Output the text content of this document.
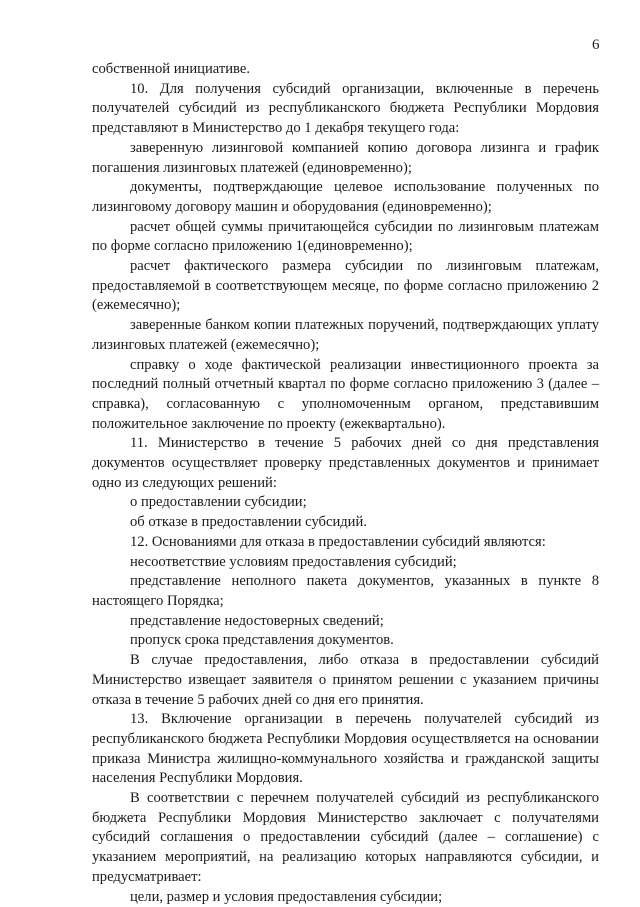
6

собственной инициативе.

10. Для получения субсидий организации, включенные в перечень получателей субсидий из республиканского бюджета Республики Мордовия представляют в Министерство до 1 декабря текущего года:

заверенную лизинговой компанией копию договора лизинга и график погашения лизинговых платежей (единовременно);

документы, подтверждающие целевое использование полученных по лизинговому договору машин и оборудования (единовременно);

расчет общей суммы причитающейся субсидии по лизинговым платежам по форме согласно приложению 1(единовременно);

расчет фактического размера субсидии по лизинговым платежам, предоставляемой в соответствующем месяце, по форме согласно приложению 2 (ежемесячно);

заверенные банком копии платежных поручений, подтверждающих уплату лизинговых платежей (ежемесячно);

справку о ходе фактической реализации инвестиционного проекта за последний полный отчетный квартал по форме согласно приложению 3 (далее – справка), согласованную с уполномоченным органом, представившим положительное заключение по проекту (ежеквартально).

11. Министерство в течение 5 рабочих дней со дня представления документов осуществляет проверку представленных документов и принимает одно из следующих решений:

о предоставлении субсидии;

об отказе в предоставлении субсидий.

12. Основаниями для отказа в предоставлении субсидий являются:

несоответствие условиям предоставления субсидий;

представление неполного пакета документов, указанных в пункте 8 настоящего Порядка;

представление недостоверных сведений;

пропуск срока представления документов.

В случае предоставления, либо отказа в предоставлении субсидий Министерство извещает заявителя о принятом решении с указанием причины отказа в течение 5 рабочих дней со дня его принятия.

13. Включение организации в перечень получателей субсидий из республиканского бюджета Республики Мордовия осуществляется на основании приказа Министра жилищно-коммунального хозяйства и гражданской защиты населения Республики Мордовия.

В соответствии с перечнем получателей субсидий из республиканского бюджета Республики Мордовия Министерство заключает с получателями субсидий соглашения о предоставлении субсидий (далее – соглашение) с указанием мероприятий, на реализацию которых направляются субсидии, и предусматривает:

цели, размер и условия предоставления субсидии;
